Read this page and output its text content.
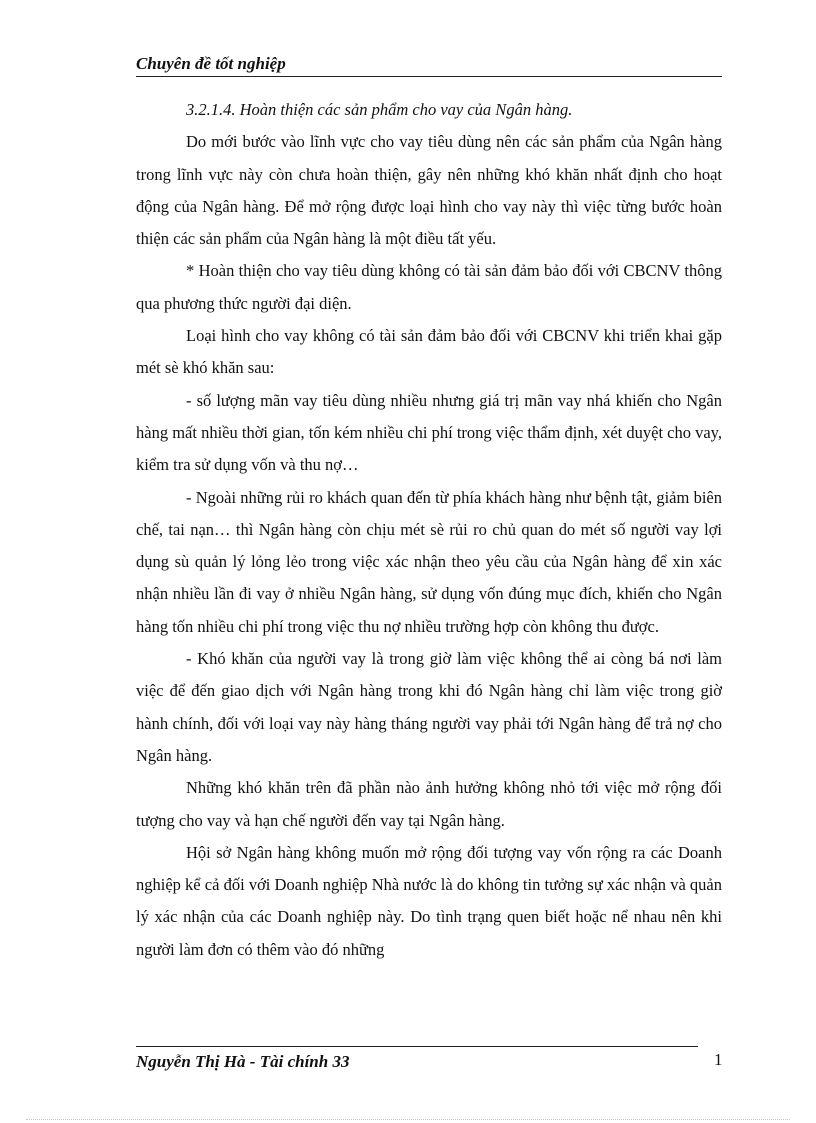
Chuyên đề tốt nghiệp

3.2.1.4. Hoàn thiện các sản phẩm cho vay của Ngân hàng.

Do mới bước vào lĩnh vực cho vay tiêu dùng nên các sản phẩm của Ngân hàng trong lĩnh vực này còn chưa hoàn thiện, gây nên những khó khăn nhất định cho hoạt động của Ngân hàng. Để mở rộng được loại hình cho vay này thì việc từng bước hoàn thiện các sản phẩm của Ngân hàng là một điều tất yếu.

* Hoàn thiện cho vay tiêu dùng không có tài sản đảm bảo đối với CBCNV thông qua phương thức người đại diện.

Loại hình cho vay không có tài sản đảm bảo đối với CBCNV khi triển khai gặp mét sè khó khăn sau:

- số lượng mãn vay tiêu dùng nhiều nhưng giá trị mãn vay nhá khiến cho Ngân hàng mất nhiều thời gian, tốn kém nhiều chi phí trong việc thẩm định, xét duyệt cho vay, kiểm tra sử dụng vốn và thu nợ…

- Ngoài những rủi ro khách quan đến từ phía khách hàng như bệnh tật, giảm biên chế, tai nạn… thì Ngân hàng còn chịu mét sè rủi ro chủ quan do mét số người vay lợi dụng sù quản lý lỏng lẻo trong việc xác nhận theo yêu cầu của Ngân hàng để xin xác nhận nhiều lần đi vay ở nhiều Ngân hàng, sử dụng vốn đúng mục đích, khiến cho Ngân hàng tốn nhiều chi phí trong việc thu nợ nhiều trường hợp còn không thu được.

- Khó khăn của người vay là trong giờ làm việc không thể ai còng bá nơi làm việc để đến giao dịch với Ngân hàng trong khi đó Ngân hàng chỉ làm việc trong giờ hành chính, đối với loại vay này hàng tháng người vay phải tới Ngân hàng để trả nợ cho Ngân hàng.

Những khó khăn trên đã phần nào ảnh hưởng không nhỏ tới việc mở rộng đối tượng cho vay và hạn chế người đến vay tại Ngân hàng.

Hội sở Ngân hàng không muốn mở rộng đối tượng vay vốn rộng ra các Doanh nghiệp kể cả đối với Doanh nghiệp Nhà nước là do không tin tưởng sự xác nhận và quản lý xác nhận của các Doanh nghiệp này. Do tình trạng quen biết hoặc nể nhau nên khi người làm đơn có thêm vào đó những

Nguyễn Thị Hà - Tài chính 33	1
